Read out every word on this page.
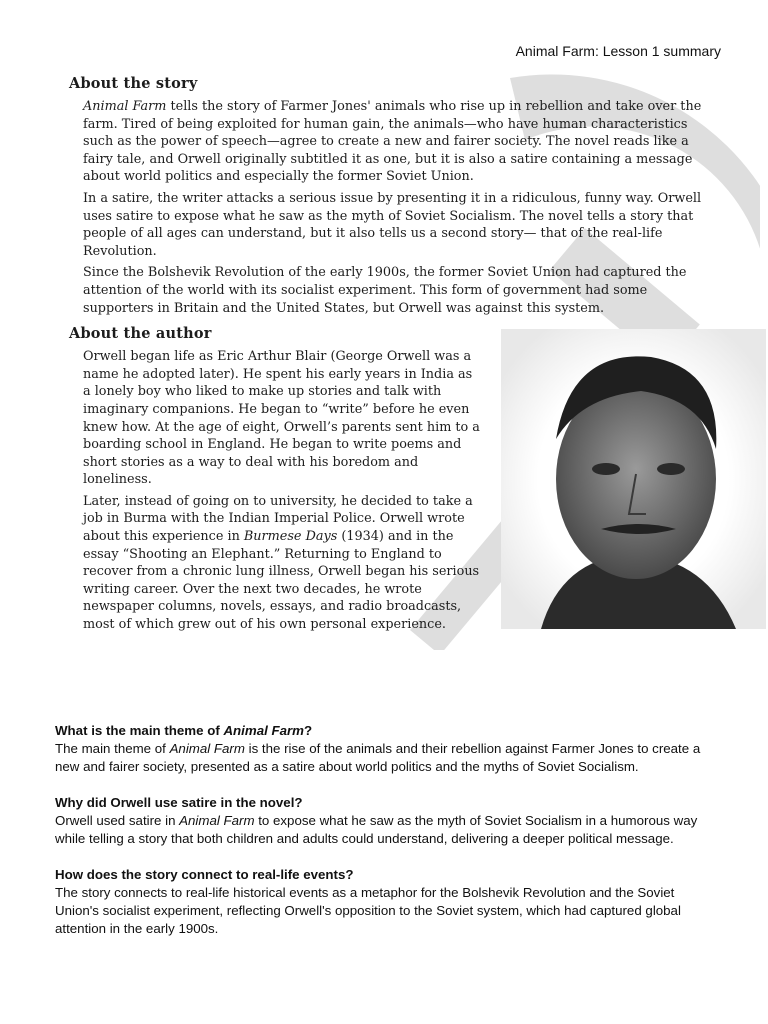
Animal Farm: Lesson 1 summary
About the story

Animal Farm tells the story of Farmer Jones' animals who rise up in rebellion and take over the farm. Tired of being exploited for human gain, the animals—who have human characteristics such as the power of speech—agree to create a new and fairer society. The novel reads like a fairy tale, and Orwell originally subtitled it as one, but it is also a satire containing a message about world politics and especially the former Soviet Union.

In a satire, the writer attacks a serious issue by presenting it in a ridiculous, funny way. Orwell uses satire to expose what he saw as the myth of Soviet Socialism. The novel tells a story that people of all ages can understand, but it also tells us a second story— that of the real-life Revolution.

Since the Bolshevik Revolution of the early 1900s, the former Soviet Union had captured the attention of the world with its socialist experiment. This form of government had some supporters in Britain and the United States, but Orwell was against this system.

About the author

Orwell began life as Eric Arthur Blair (George Orwell was a name he adopted later). He spent his early years in India as a lonely boy who liked to make up stories and talk with imaginary companions. He began to “write” before he even knew how. At the age of eight, Orwell’s parents sent him to a boarding school in England. He began to write poems and short stories as a way to deal with his boredom and loneliness.

Later, instead of going on to university, he decided to take a job in Burma with the Indian Imperial Police. Orwell wrote about this experience in Burmese Days (1934) and in the essay “Shooting an Elephant.” Returning to England to recover from a chronic lung illness, Orwell began his serious writing career. Over the next two decades, he wrote newspaper columns, novels, essays, and radio broadcasts, most of which grew out of his own personal experience.

What is the main theme of Animal Farm?

The main theme of Animal Farm is the rise of the animals and their rebellion against Farmer Jones to create a new and fairer society, presented as a satire about world politics and the myths of Soviet Socialism.

Why did Orwell use satire in the novel?

Orwell used satire in Animal Farm to expose what he saw as the myth of Soviet Socialism in a humorous way while telling a story that both children and adults could understand, delivering a deeper political message.

How does the story connect to real-life events?

The story connects to real-life historical events as a metaphor for the Bolshevik Revolution and the Soviet Union's socialist experiment, reflecting Orwell's opposition to the Soviet system, which had captured global attention in the early 1900s.
